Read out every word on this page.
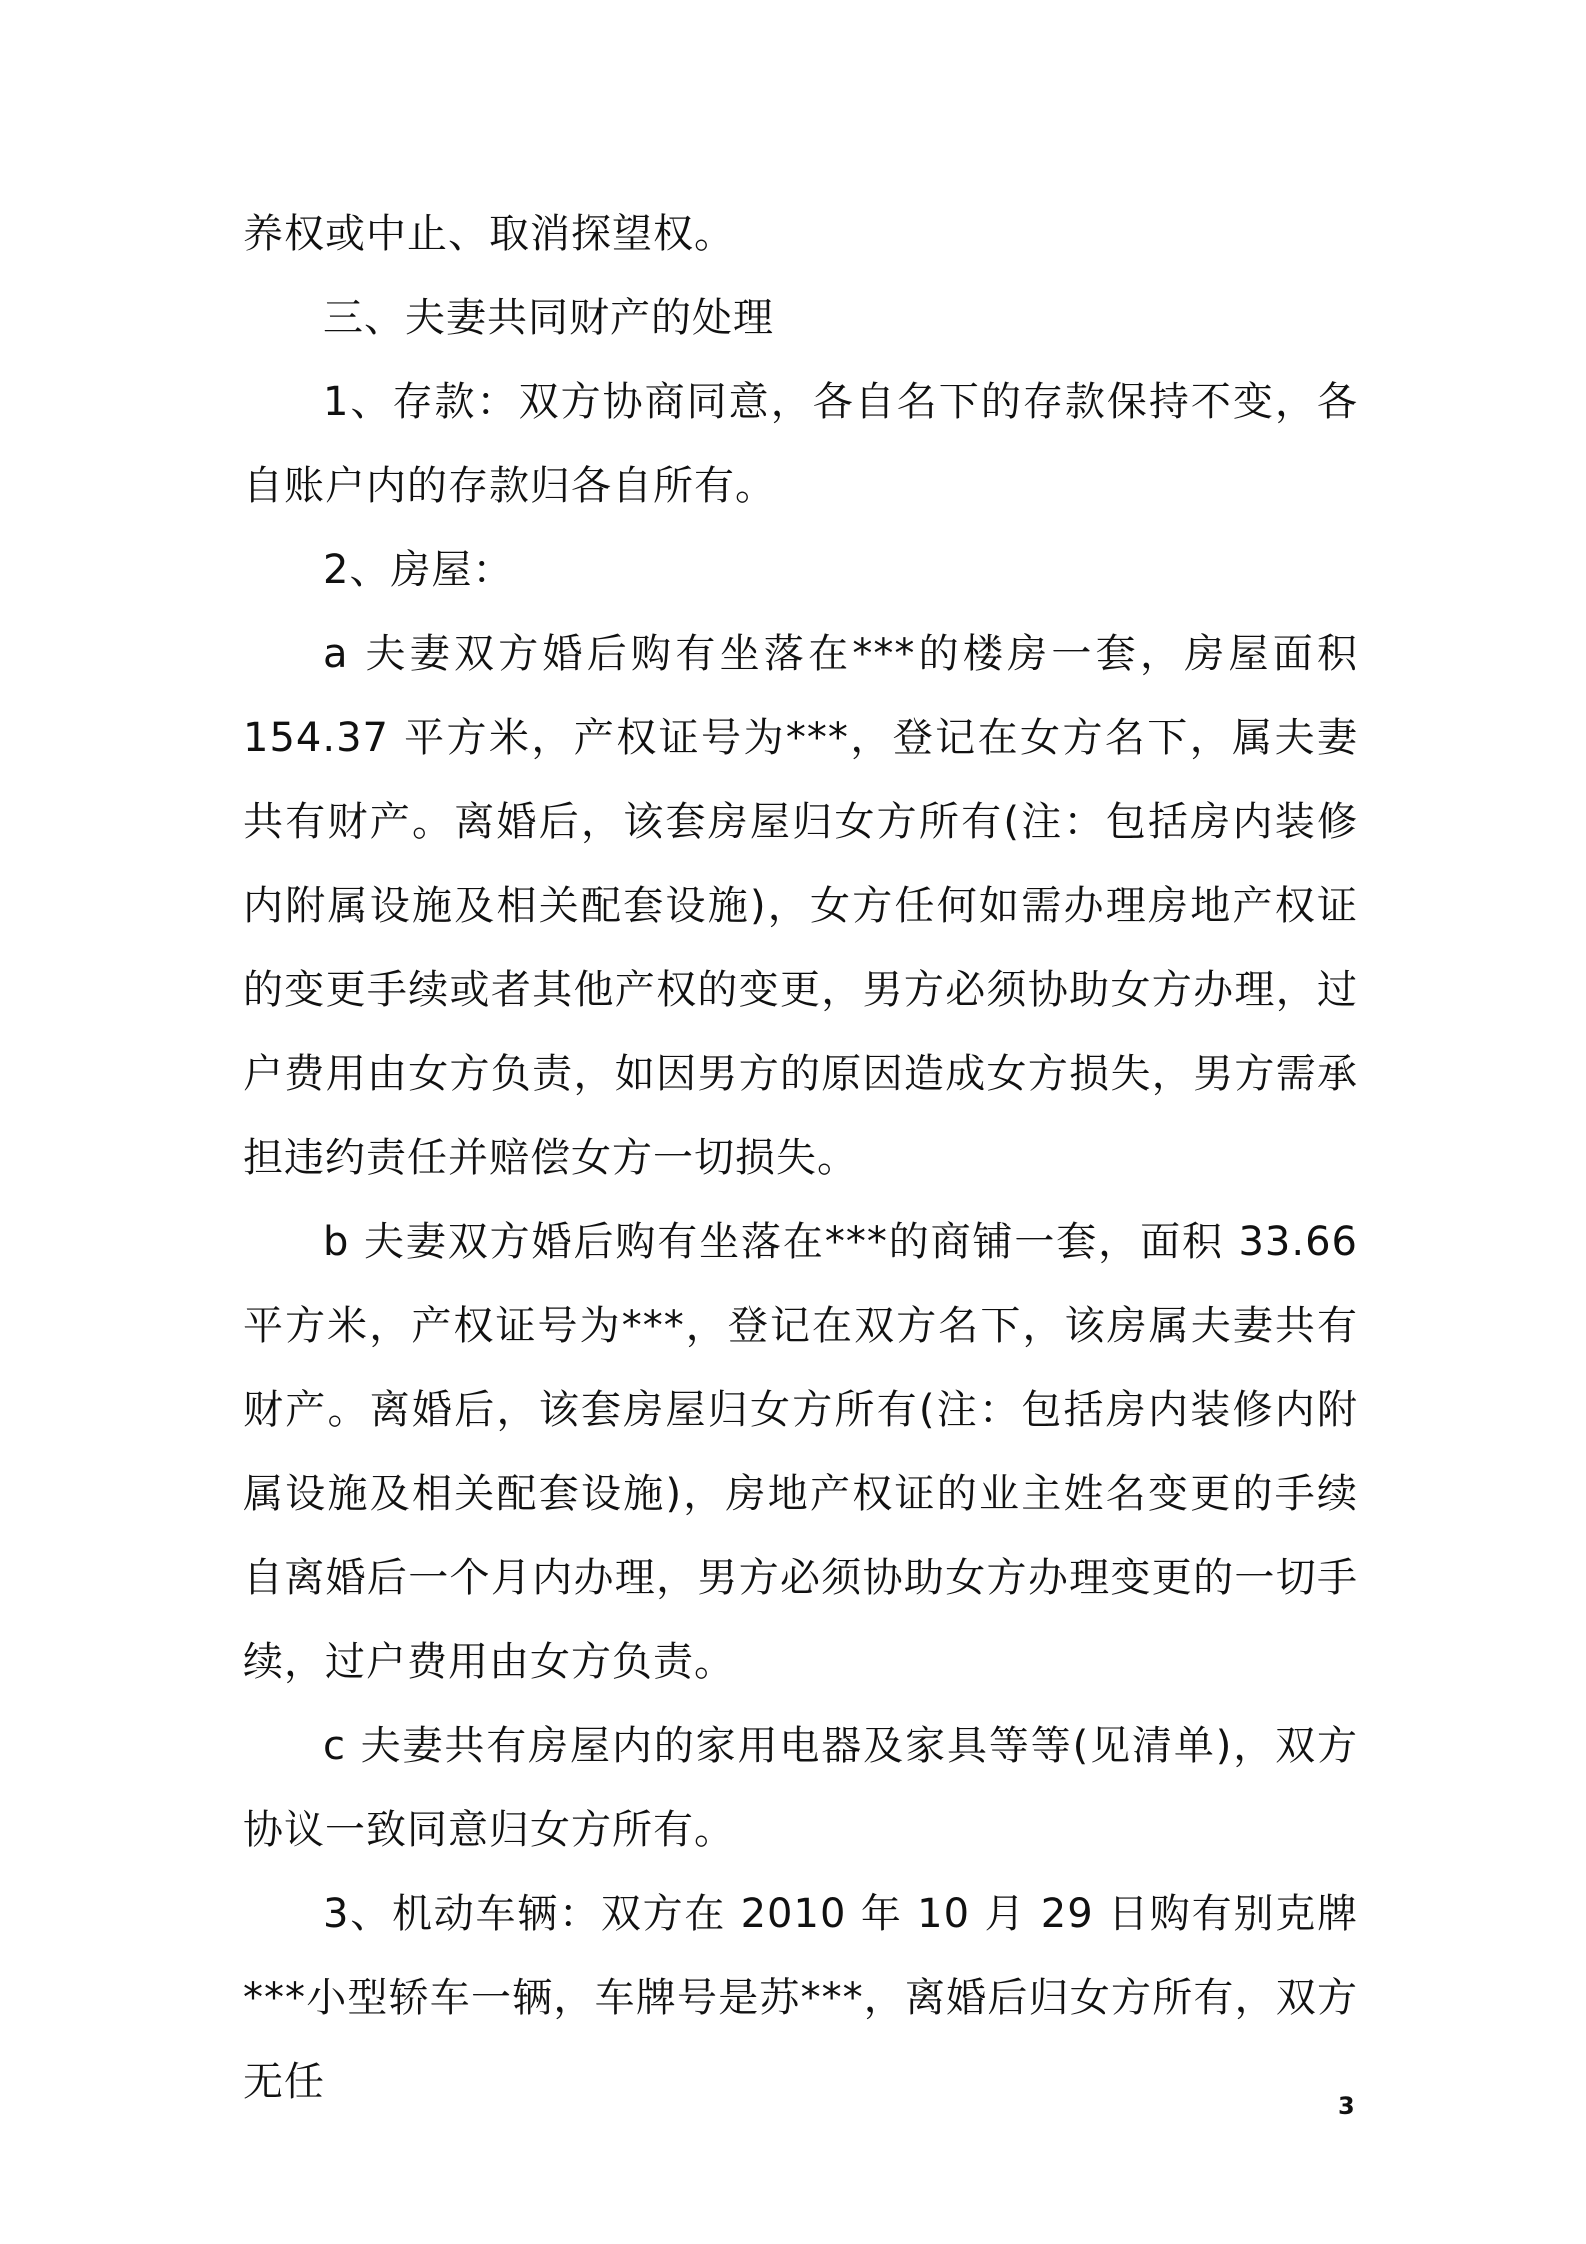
养权或中止、取消探望权。

三、夫妻共同财产的处理

1、存款：双方协商同意，各自名下的存款保持不变，各自账户内的存款归各自所有。

2、房屋：

a 夫妻双方婚后购有坐落在***的楼房一套，房屋面积 154.37 平方米，产权证号为***，登记在女方名下，属夫妻共有财产。离婚后，该套房屋归女方所有(注：包括房内装修内附属设施及相关配套设施)，女方任何如需办理房地产权证的变更手续或者其他产权的变更，男方必须协助女方办理，过户费用由女方负责，如因男方的原因造成女方损失，男方需承担违约责任并赔偿女方一切损失。

b 夫妻双方婚后购有坐落在***的商铺一套，面积 33.66 平方米，产权证号为***，登记在双方名下，该房属夫妻共有财产。离婚后，该套房屋归女方所有(注：包括房内装修内附属设施及相关配套设施)，房地产权证的业主姓名变更的手续自离婚后一个月内办理，男方必须协助女方办理变更的一切手续，过户费用由女方负责。

c 夫妻共有房屋内的家用电器及家具等等(见清单)，双方协议一致同意归女方所有。

3、机动车辆：双方在 2010 年 10 月 29 日购有别克牌***小型轿车一辆，车牌号是苏***，离婚后归女方所有，双方无任

3
